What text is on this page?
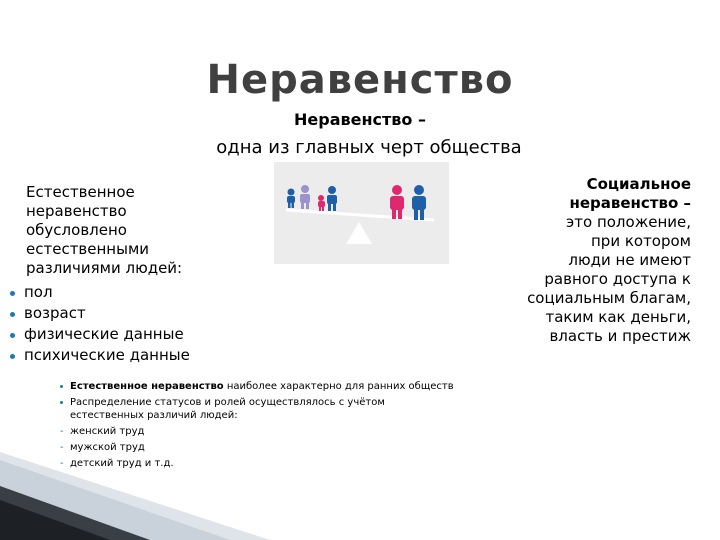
Неравенство
Неравенство –
одна из главных черт общества

Естественное
неравенство
обусловлено
естественными
различиями людей:

пол
возраст
физические данные
психические данные
Социальное
неравенство –
это положение,
при котором
люди не имеют
равного доступа к
социальным благам,
таким как деньги,
власть и престиж
Естественное неравенство наиболее характерно для ранних обществ
Распределение статусов и ролей осуществлялось с учётом
естественных различий людей:
- женский труд
- мужской труд
- детский труд и т.д.
